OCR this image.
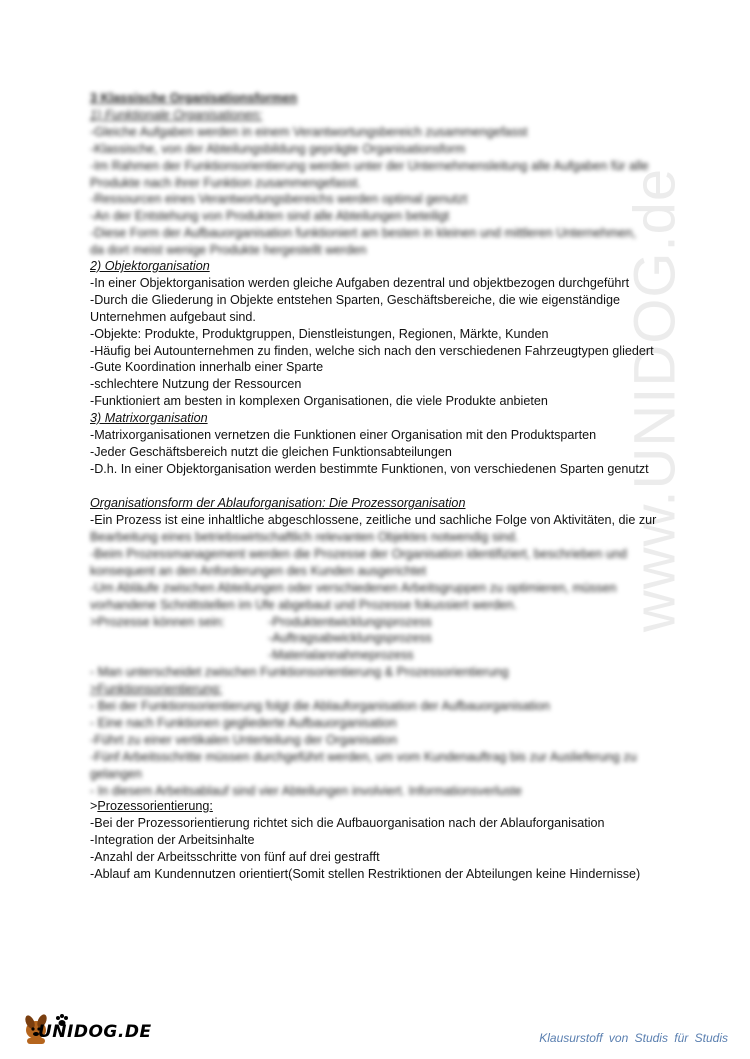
www.UNIDOG.de
3 Klassische Organisationsformen
1) Funktionale Organisationen:
-Gleiche Aufgaben werden in einem Verantwortungsbereich zusammengefasst
-Klassische, von der Abteilungsbildung geprägte Organisationsform
-Im Rahmen der Funktionsorientierung werden unter der Unternehmensleitung alle Aufgaben für alle
Produkte nach ihrer Funktion zusammengefasst.
-Ressourcen eines Verantwortungsbereichs werden optimal genutzt
-An der Entstehung von Produkten sind alle Abteilungen beteiligt
-Diese Form der Aufbauorganisation funktioniert am besten in kleinen und mittleren Unternehmen,
da dort meist wenige Produkte hergestellt werden
2) Objektorganisation
-In einer Objektorganisation werden gleiche Aufgaben dezentral und objektbezogen durchgeführt
-Durch die Gliederung in Objekte entstehen Sparten, Geschäftsbereiche, die wie eigenständige
Unternehmen aufgebaut sind.
-Objekte: Produkte, Produktgruppen, Dienstleistungen, Regionen, Märkte, Kunden
-Häufig bei Autounternehmen zu finden, welche sich nach den verschiedenen Fahrzeugtypen gliedert
-Gute Koordination innerhalb einer Sparte
-schlechtere Nutzung der Ressourcen
-Funktioniert am besten in komplexen Organisationen, die viele Produkte anbieten
3) Matrixorganisation
-Matrixorganisationen vernetzen die Funktionen einer Organisation mit den Produktsparten
-Jeder Geschäftsbereich nutzt die gleichen Funktionsabteilungen
-D.h. In einer Objektorganisation werden bestimmte Funktionen, von verschiedenen Sparten genutzt
Organisationsform der Ablauforganisation: Die Prozessorganisation
-Ein Prozess ist eine inhaltliche abgeschlossene, zeitliche und sachliche Folge von Aktivitäten, die zur
Bearbeitung eines betriebswirtschaftlich relevanten Objektes notwendig sind.
-Beim Prozessmanagement werden die Prozesse der Organisation identifiziert, beschrieben und
konsequent an den Anforderungen des Kunden ausgerichtet
-Um Abläufe zwischen Abteilungen oder verschiedenen Arbeitsgruppen zu optimieren, müssen
vorhandene Schnittstellen im Ufe abgebaut und Prozesse fokussiert werden.
>Prozesse können sein:	-Produktentwicklungsprozess
-Auftragsabwicklungsprozess
-Materialannahmeprozess
- Man unterscheidet zwischen Funktionsorientierung & Prozessorientierung
>Funktionsorientierung:
- Bei der Funktionsorientierung folgt die Ablauforganisation der Aufbauorganisation
- Eine nach Funktionen gegliederte Aufbauorganisation
-Führt zu einer vertikalen Unterteilung der Organisation
-Fünf Arbeitsschritte müssen durchgeführt werden, um vom Kundenauftrag bis zur Auslieferung zu
gelangen
- In diesem Arbeitsablauf sind vier Abteilungen involviert. Informationsverluste
>Prozessorientierung:
-Bei der Prozessorientierung richtet sich die Aufbauorganisation nach der Ablauforganisation
-Integration der Arbeitsinhalte
-Anzahl der Arbeitsschritte von fünf auf drei gestrafft
-Ablauf am Kundennutzen orientiert(Somit stellen Restriktionen der Abteilungen keine Hindernisse)
UNIDOG.DE	Klausurstoff von Studis für Studis
